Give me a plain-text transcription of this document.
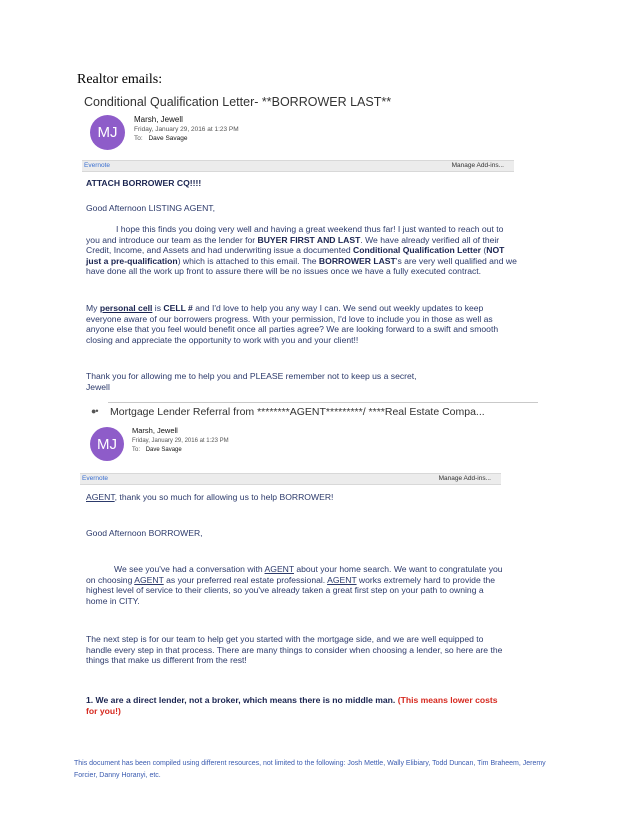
Realtor emails:
Conditional Qualification Letter- **BORROWER LAST**
MJ
Marsh, Jewell
Friday, January 29, 2016 at 1:23 PM
To: Dave Savage
Evernote	Manage Add-ins...
ATTACH BORROWER CQ!!!!
Good Afternoon LISTING AGENT,
I hope this finds you doing very well and having a great weekend thus far! I just wanted to reach out to you and introduce our team as the lender for BUYER FIRST AND LAST. We have already verified all of their Credit, Income, and Assets and had underwriting issue a documented Conditional Qualification Letter (NOT just a pre-qualification) which is attached to this email. The BORROWER LAST's are very well qualified and we have done all the work up front to assure there will be no issues once we have a fully executed contract.
My personal cell is CELL # and I'd love to help you any way I can. We send out weekly updates to keep everyone aware of our borrowers progress. With your permission, I'd love to include you in those as well as anyone else that you feel would benefit once all parties agree? We are looking forward to a swift and smooth closing and appreciate the opportunity to work with you and your client!!
Thank you for allowing me to help you and PLEASE remember not to keep us a secret,
Jewell
●• Mortgage Lender Referral from ********AGENT*********/ ****Real Estate Compa...
MJ
Marsh, Jewell
Friday, January 29, 2016 at 1:23 PM
To: Dave Savage
Evernote	Manage Add-ins...
AGENT, thank you so much for allowing us to help BORROWER!
Good Afternoon BORROWER,
We see you've had a conversation with AGENT about your home search. We want to congratulate you on choosing AGENT as your preferred real estate professional. AGENT works extremely hard to provide the highest level of service to their clients, so you've already taken a great first step on your path to owning a home in CITY.
The next step is for our team to help get you started with the mortgage side, and we are well equipped to handle every step in that process. There are many things to consider when choosing a lender, so here are the things that make us different from the rest!
1. We are a direct lender, not a broker, which means there is no middle man. (This means lower costs for you!)
This document has been compiled using different resources, not limited to the following: Josh Mettle, Wally Elibiary, Todd Duncan, Tim Braheem, Jeremy Forcier, Danny Horanyi, etc.
